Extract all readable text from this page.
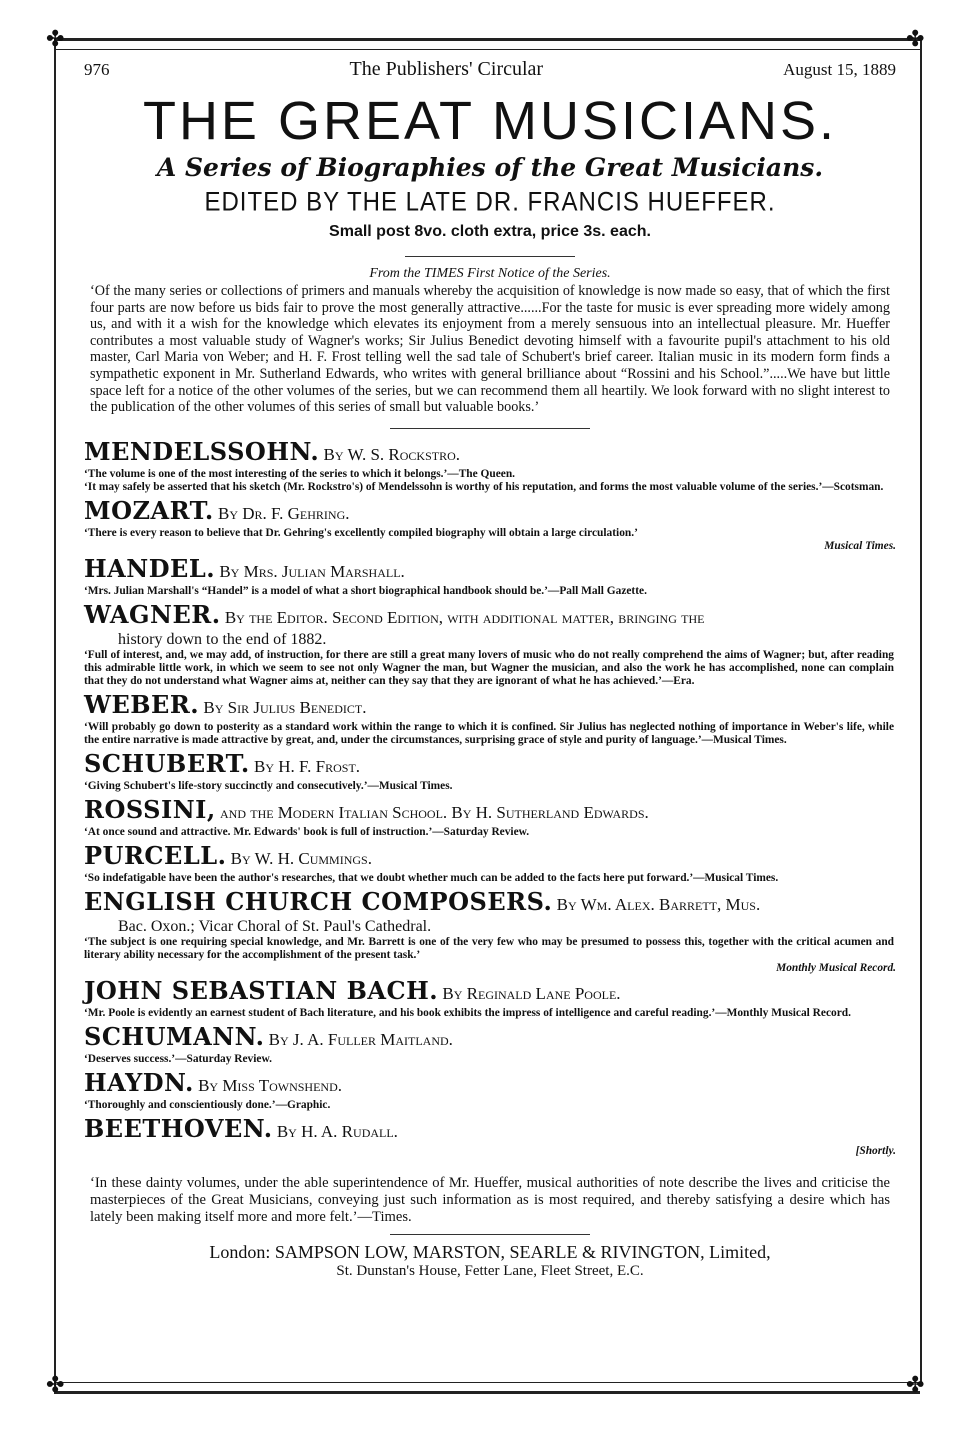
✤	✤
✤	✤
976	The Publishers' Circular	August 15, 1889
THE GREAT MUSICIANS.
A Series of Biographies of the Great Musicians.
EDITED BY THE LATE DR. FRANCIS HUEFFER.
Small post 8vo. cloth extra, price 3s. each.
From the TIMES First Notice of the Series.
‘Of the many series or collections of primers and manuals whereby the acquisition of knowledge is now made so easy, that of which the first four parts are now before us bids fair to prove the most generally attractive......For the taste for music is ever spreading more widely among us, and with it a wish for the knowledge which elevates its enjoyment from a merely sensuous into an intellectual pleasure. Mr. Hueffer contributes a most valuable study of Wagner's works; Sir Julius Benedict devoting himself with a favourite pupil's attachment to his old master, Carl Maria von Weber; and H. F. Frost telling well the sad tale of Schubert's brief career. Italian music in its modern form finds a sympathetic exponent in Mr. Sutherland Edwards, who writes with general brilliance about “Rossini and his School.”.....We have but little space left for a notice of the other volumes of the series, but we can recommend them all heartily. We look forward with no slight interest to the publication of the other volumes of this series of small but valuable books.’
MENDELSSOHN. By W. S. Rockstro.
‘The volume is one of the most interesting of the series to which it belongs.’—The Queen.
‘It may safely be asserted that his sketch (Mr. Rockstro's) of Mendelssohn is worthy of his reputation, and forms the most valuable volume of the series.’—Scotsman.
MOZART. By Dr. F. Gehring.
‘There is every reason to believe that Dr. Gehring's excellently compiled biography will obtain a large circulation.’
Musical Times.
HANDEL. By Mrs. Julian Marshall.
‘Mrs. Julian Marshall's “Handel” is a model of what a short biographical handbook should be.’—Pall Mall Gazette.
WAGNER. By the Editor. Second Edition, with additional matter, bringing the
history down to the end of 1882.
‘Full of interest, and, we may add, of instruction, for there are still a great many lovers of music who do not really comprehend the aims of Wagner; but, after reading this admirable little work, in which we seem to see not only Wagner the man, but Wagner the musician, and also the work he has accomplished, none can complain that they do not understand what Wagner aims at, neither can they say that they are ignorant of what he has achieved.’—Era.
WEBER. By Sir Julius Benedict.
‘Will probably go down to posterity as a standard work within the range to which it is confined. Sir Julius has neglected nothing of importance in Weber's life, while the entire narrative is made attractive by great, and, under the circumstances, surprising grace of style and purity of language.’—Musical Times.
SCHUBERT. By H. F. Frost.
‘Giving Schubert's life-story succinctly and consecutively.’—Musical Times.
ROSSINI, and the Modern Italian School. By H. Sutherland Edwards.
‘At once sound and attractive. Mr. Edwards' book is full of instruction.’—Saturday Review.
PURCELL. By W. H. Cummings.
‘So indefatigable have been the author's researches, that we doubt whether much can be added to the facts here put forward.’—Musical Times.
ENGLISH CHURCH COMPOSERS. By Wm. Alex. Barrett, Mus.
Bac. Oxon.; Vicar Choral of St. Paul's Cathedral.
‘The subject is one requiring special knowledge, and Mr. Barrett is one of the very few who may be presumed to possess this, together with the critical acumen and literary ability necessary for the accomplishment of the present task.’
Monthly Musical Record.
JOHN SEBASTIAN BACH. By Reginald Lane Poole.
‘Mr. Poole is evidently an earnest student of Bach literature, and his book exhibits the impress of intelligence and careful reading.’—Monthly Musical Record.
SCHUMANN. By J. A. Fuller Maitland.
‘Deserves success.’—Saturday Review.
HAYDN. By Miss Townshend.
‘Thoroughly and conscientiously done.’—Graphic.
BEETHOVEN. By H. A. Rudall.
[Shortly.
‘In these dainty volumes, under the able superintendence of Mr. Hueffer, musical authorities of note describe the lives and criticise the masterpieces of the Great Musicians, conveying just such information as is most required, and thereby satisfying a desire which has lately been making itself more and more felt.’—Times.
London: SAMPSON LOW, MARSTON, SEARLE & RIVINGTON, Limited,
St. Dunstan's House, Fetter Lane, Fleet Street, E.C.
